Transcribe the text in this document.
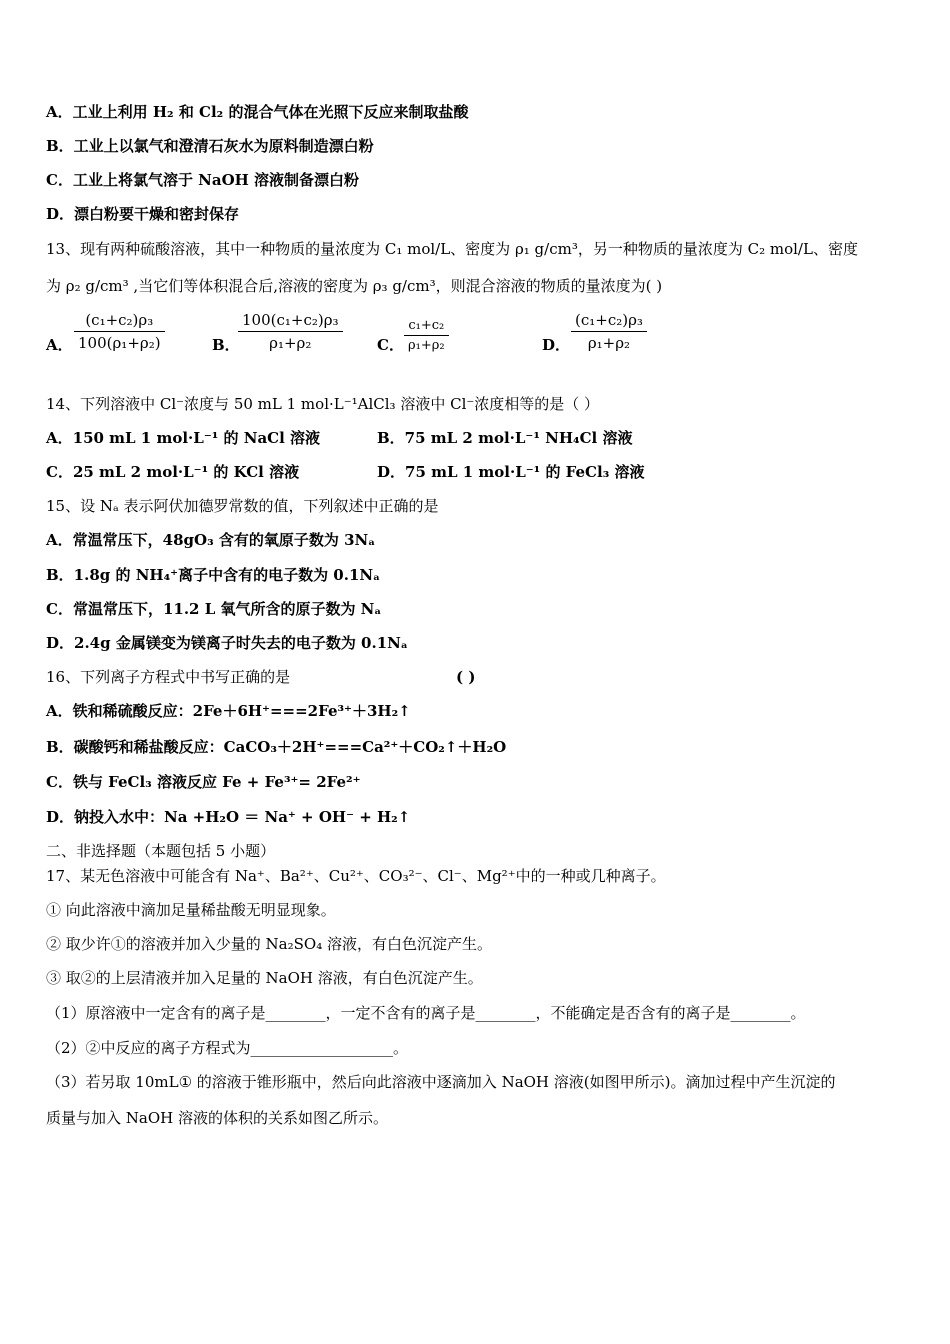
A．工业上利用 H₂ 和 Cl₂ 的混合气体在光照下反应来制取盐酸
B．工业上以氯气和澄清石灰水为原料制造漂白粉
C．工业上将氯气溶于 NaOH 溶液制备漂白粉
D．漂白粉要干燥和密封保存
13、现有两种硫酸溶液，其中一种物质的量浓度为 C₁ mol/L、密度为 ρ₁ g/cm³，另一种物质的量浓度为 C₂ mol/L、密度
为 ρ₂ g/cm³ ,当它们等体积混合后,溶液的密度为 ρ₃ g/cm³，则混合溶液的物质的量浓度为( )
A．
(c₁+c₂)ρ₃
100(ρ₁+ρ₂)	B．
100(c₁+c₂)ρ₃
ρ₁+ρ₂	C．
c₁+c₂
ρ₁+ρ₂	D．
(c₁+c₂)ρ₃
ρ₁+ρ₂
14、下列溶液中 Cl⁻浓度与 50 mL 1 mol·L⁻¹AlCl₃ 溶液中 Cl⁻浓度相等的是（ ）
A．150 mL 1 mol·L⁻¹ 的 NaCl 溶液	B．75 mL 2 mol·L⁻¹ NH₄Cl 溶液
C．25 mL 2 mol·L⁻¹ 的 KCl 溶液	D．75 mL 1 mol·L⁻¹ 的 FeCl₃ 溶液
15、设 Nₐ 表示阿伏加德罗常数的值，下列叙述中正确的是
A．常温常压下，48gO₃ 含有的氧原子数为 3Nₐ
B．1.8g 的 NH₄⁺离子中含有的电子数为 0.1Nₐ
C．常温常压下，11.2 L 氧气所含的原子数为 Nₐ
D．2.4g 金属镁变为镁离子时失去的电子数为 0.1Nₐ
16、下列离子方程式中书写正确的是	( )
A．铁和稀硫酸反应：2Fe＋6H⁺===2Fe³⁺＋3H₂↑
B．碳酸钙和稀盐酸反应：CaCO₃＋2H⁺===Ca²⁺＋CO₂↑＋H₂O
C．铁与 FeCl₃ 溶液反应 Fe + Fe³⁺= 2Fe²⁺
D．钠投入水中：Na +H₂O ＝ Na⁺ + OH⁻ + H₂↑
二、非选择题（本题包括 5 小题）
17、某无色溶液中可能含有 Na⁺、Ba²⁺、Cu²⁺、CO₃²⁻、Cl⁻、Mg²⁺中的一种或几种离子。
① 向此溶液中滴加足量稀盐酸无明显现象。
② 取少许①的溶液并加入少量的 Na₂SO₄ 溶液，有白色沉淀产生。
③ 取②的上层清液并加入足量的 NaOH 溶液，有白色沉淀产生。
（1）原溶液中一定含有的离子是________，一定不含有的离子是________，不能确定是否含有的离子是________。
（2）②中反应的离子方程式为___________________。
（3）若另取 10mL① 的溶液于锥形瓶中，然后向此溶液中逐滴加入 NaOH 溶液(如图甲所示)。滴加过程中产生沉淀的
质量与加入 NaOH 溶液的体积的关系如图乙所示。
